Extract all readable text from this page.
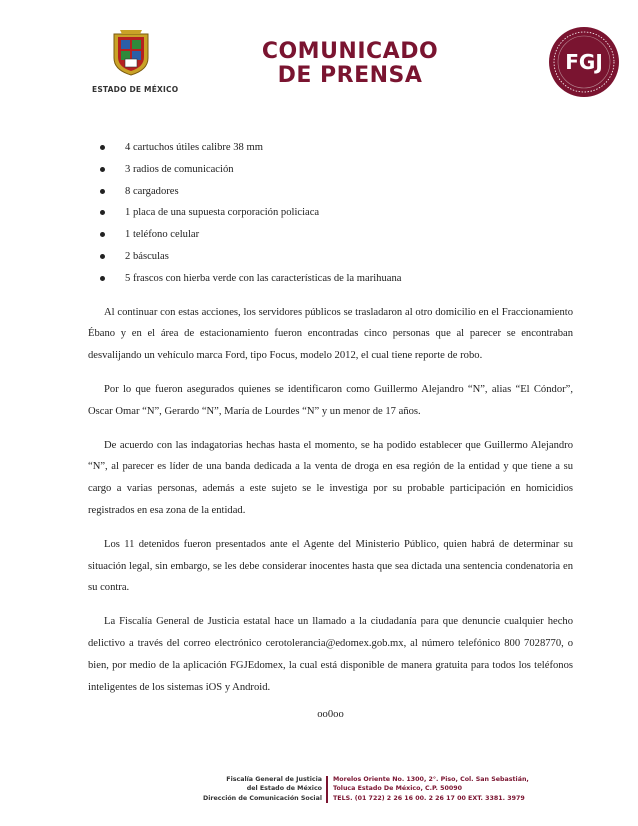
ESTADO DE MÉXICO
COMUNICADO
DE PRENSA
FGJ
4 cartuchos útiles calibre 38 mm
3 radios de comunicación
8 cargadores
1 placa de una supuesta corporación policiaca
1 teléfono celular
2 básculas
5 frascos con hierba verde con las características de la marihuana

Al continuar con estas acciones, los servidores públicos se trasladaron al otro domicilio en el Fraccionamiento Ébano y en el área de estacionamiento fueron encontradas cinco personas que al parecer se encontraban desvalijando un vehículo marca Ford, tipo Focus, modelo 2012, el cual tiene reporte de robo.

Por lo que fueron asegurados quienes se identificaron como Guillermo Alejandro “N”, alias “El Cóndor”, Oscar Omar “N”, Gerardo “N”, María de Lourdes “N” y un menor de 17 años.

De acuerdo con las indagatorias hechas hasta el momento, se ha podido establecer que Guillermo Alejandro “N”, al parecer es líder de una banda dedicada a la venta de droga en esa región de la entidad y que tiene a su cargo a varias personas, además a este sujeto se le investiga por su probable participación en homicidios registrados en esa zona de la entidad.

Los 11 detenidos fueron presentados ante el Agente del Ministerio Público, quien habrá de determinar su situación legal, sin embargo, se les debe considerar inocentes hasta que sea dictada una sentencia condenatoria en su contra.

La Fiscalía General de Justicia estatal hace un llamado a la ciudadanía para que denuncie cualquier hecho delictivo a través del correo electrónico cerotolerancia@edomex.gob.mx, al número telefónico 800 7028770, o bien, por medio de la aplicación FGJEdomex, la cual está disponible de manera gratuita para todos los teléfonos inteligentes de los sistemas iOS y Android.

oo0oo

Fiscalía General de Justicia
del Estado de México
Dirección de Comunicación Social
Morelos Oriente No. 1300, 2°. Piso, Col. San Sebastián,
Toluca Estado De México, C.P. 50090
TELS. (01 722) 2 26 16 00. 2 26 17 00 EXT. 3381. 3979
